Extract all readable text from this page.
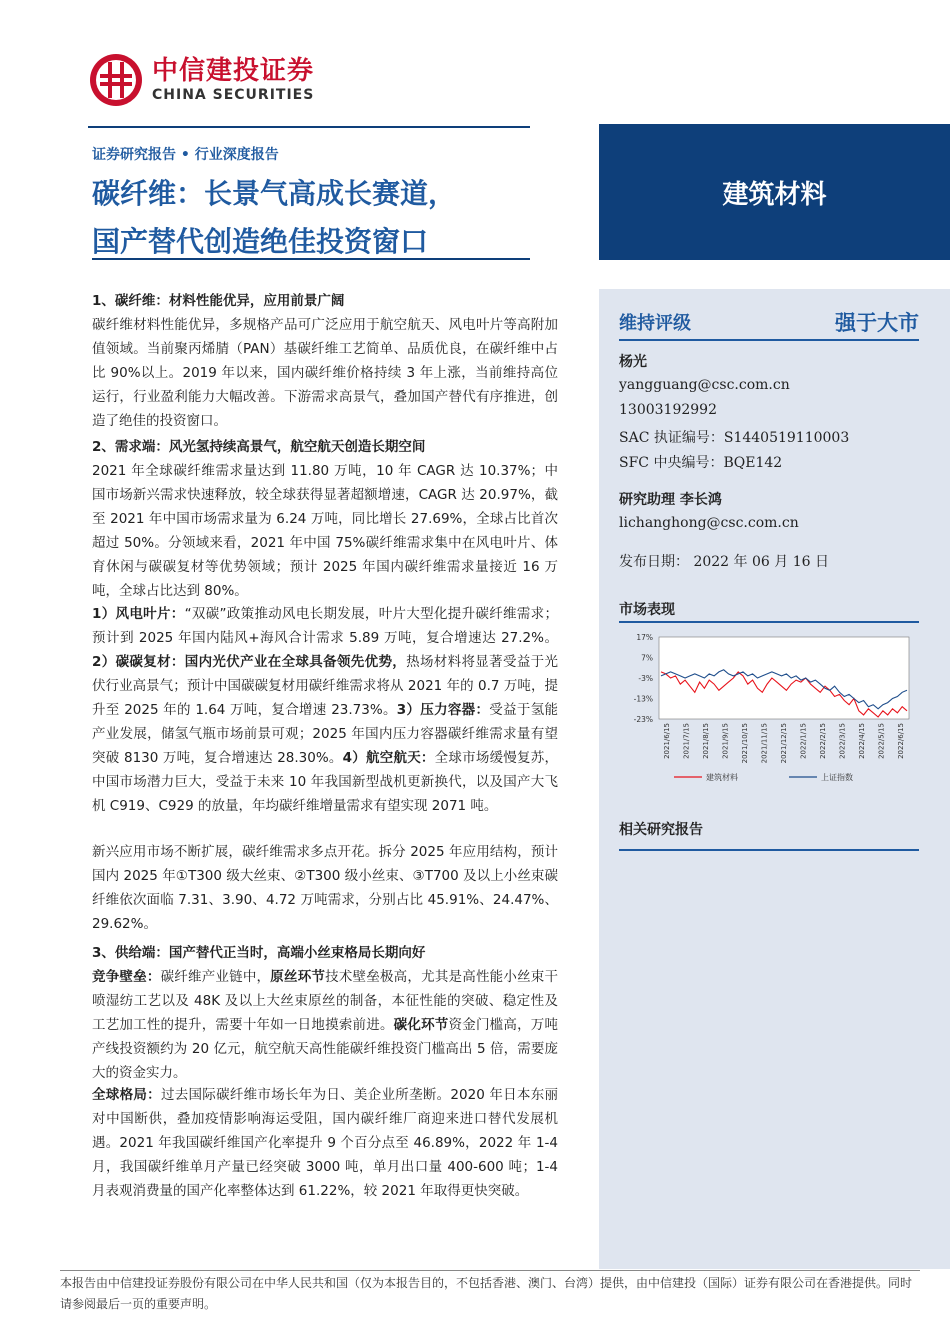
中信建投证券
CHINA SECURITIES
证券研究报告 • 行业深度报告
碳纤维：长景气高成长赛道，
国产替代创造绝佳投资窗口
建筑材料
维持评级	强于大市
杨光
yangguang@csc.com.cn
13003192992
SAC 执证编号：S1440519110003
SFC 中央编号：BQE142
研究助理 李长鸿
lichanghong@csc.com.cn
发布日期： 2022 年 06 月 16 日
市场表现
17%
7%
-3%
-13%
-23%
2021/6/15 2021/7/15 2021/8/15 2021/9/15 2021/10/15 2021/11/15 2021/12/15 2022/1/15 2022/2/15 2022/3/15 2022/4/15 2022/5/15 2022/6/15
建筑材料	上证指数
相关研究报告
1、碳纤维：材料性能优异，应用前景广阔
碳纤维材料性能优异，多规格产品可广泛应用于航空航天、风电叶片等高附加值领域。当前聚丙烯腈（PAN）基碳纤维工艺简单、品质优良，在碳纤维中占比 90%以上。2019 年以来，国内碳纤维价格持续 3 年上涨，当前维持高位运行，行业盈利能力大幅改善。下游需求高景气，叠加国产替代有序推进，创造了绝佳的投资窗口。
2、需求端：风光氢持续高景气，航空航天创造长期空间
2021 年全球碳纤维需求量达到 11.80 万吨，10 年 CAGR 达 10.37%；中国市场新兴需求快速释放，较全球获得显著超额增速，CAGR 达 20.97%，截至 2021 年中国市场需求量为 6.24 万吨，同比增长 27.69%，全球占比首次超过 50%。分领域来看，2021 年中国 75%碳纤维需求集中在风电叶片、体育休闲与碳碳复材等优势领域；预计 2025 年国内碳纤维需求量接近 16 万吨，全球占比达到 80%。
1）风电叶片：“双碳”政策推动风电长期发展，叶片大型化提升碳纤维需求；预计到 2025 年国内陆风+海风合计需求 5.89 万吨，复合增速达 27.2%。2）碳碳复材：国内光伏产业在全球具备领先优势，热场材料将显著受益于光伏行业高景气；预计中国碳碳复材用碳纤维需求将从 2021 年的 0.7 万吨，提升至 2025 年的 1.64 万吨，复合增速 23.73%。3）压力容器：受益于氢能产业发展，储氢气瓶市场前景可观；2025 年国内压力容器碳纤维需求量有望突破 8130 万吨，复合增速达 28.30%。4）航空航天：全球市场缓慢复苏，中国市场潜力巨大，受益于未来 10 年我国新型战机更新换代，以及国产大飞机 C919、C929 的放量，年均碳纤维增量需求有望实现 2071 吨。
新兴应用市场不断扩展，碳纤维需求多点开花。拆分 2025 年应用结构，预计国内 2025 年①T300 级大丝束、②T300 级小丝束、③T700 及以上小丝束碳纤维依次面临 7.31、3.90、4.72 万吨需求，分别占比 45.91%、24.47%、29.62%。
3、供给端：国产替代正当时，高端小丝束格局长期向好
竞争壁垒：碳纤维产业链中，原丝环节技术壁垒极高，尤其是高性能小丝束干喷湿纺工艺以及 48K 及以上大丝束原丝的制备，本征性能的突破、稳定性及工艺加工性的提升，需要十年如一日地摸索前进。碳化环节资金门槛高，万吨产线投资额约为 20 亿元，航空航天高性能碳纤维投资门槛高出 5 倍，需要庞大的资金实力。
全球格局：过去国际碳纤维市场长年为日、美企业所垄断。2020 年日本东丽对中国断供，叠加疫情影响海运受阻，国内碳纤维厂商迎来进口替代发展机遇。2021 年我国碳纤维国产化率提升 9 个百分点至 46.89%，2022 年 1-4 月，我国碳纤维单月产量已经突破 3000 吨，单月出口量 400-600 吨；1-4 月表观消费量的国产化率整体达到 61.22%，较 2021 年取得更快突破。
本报告由中信建投证券股份有限公司在中华人民共和国（仅为本报告目的，不包括香港、澳门、台湾）提供，由中信建投（国际）证券有限公司在香港提供。同时请参阅最后一页的重要声明。
